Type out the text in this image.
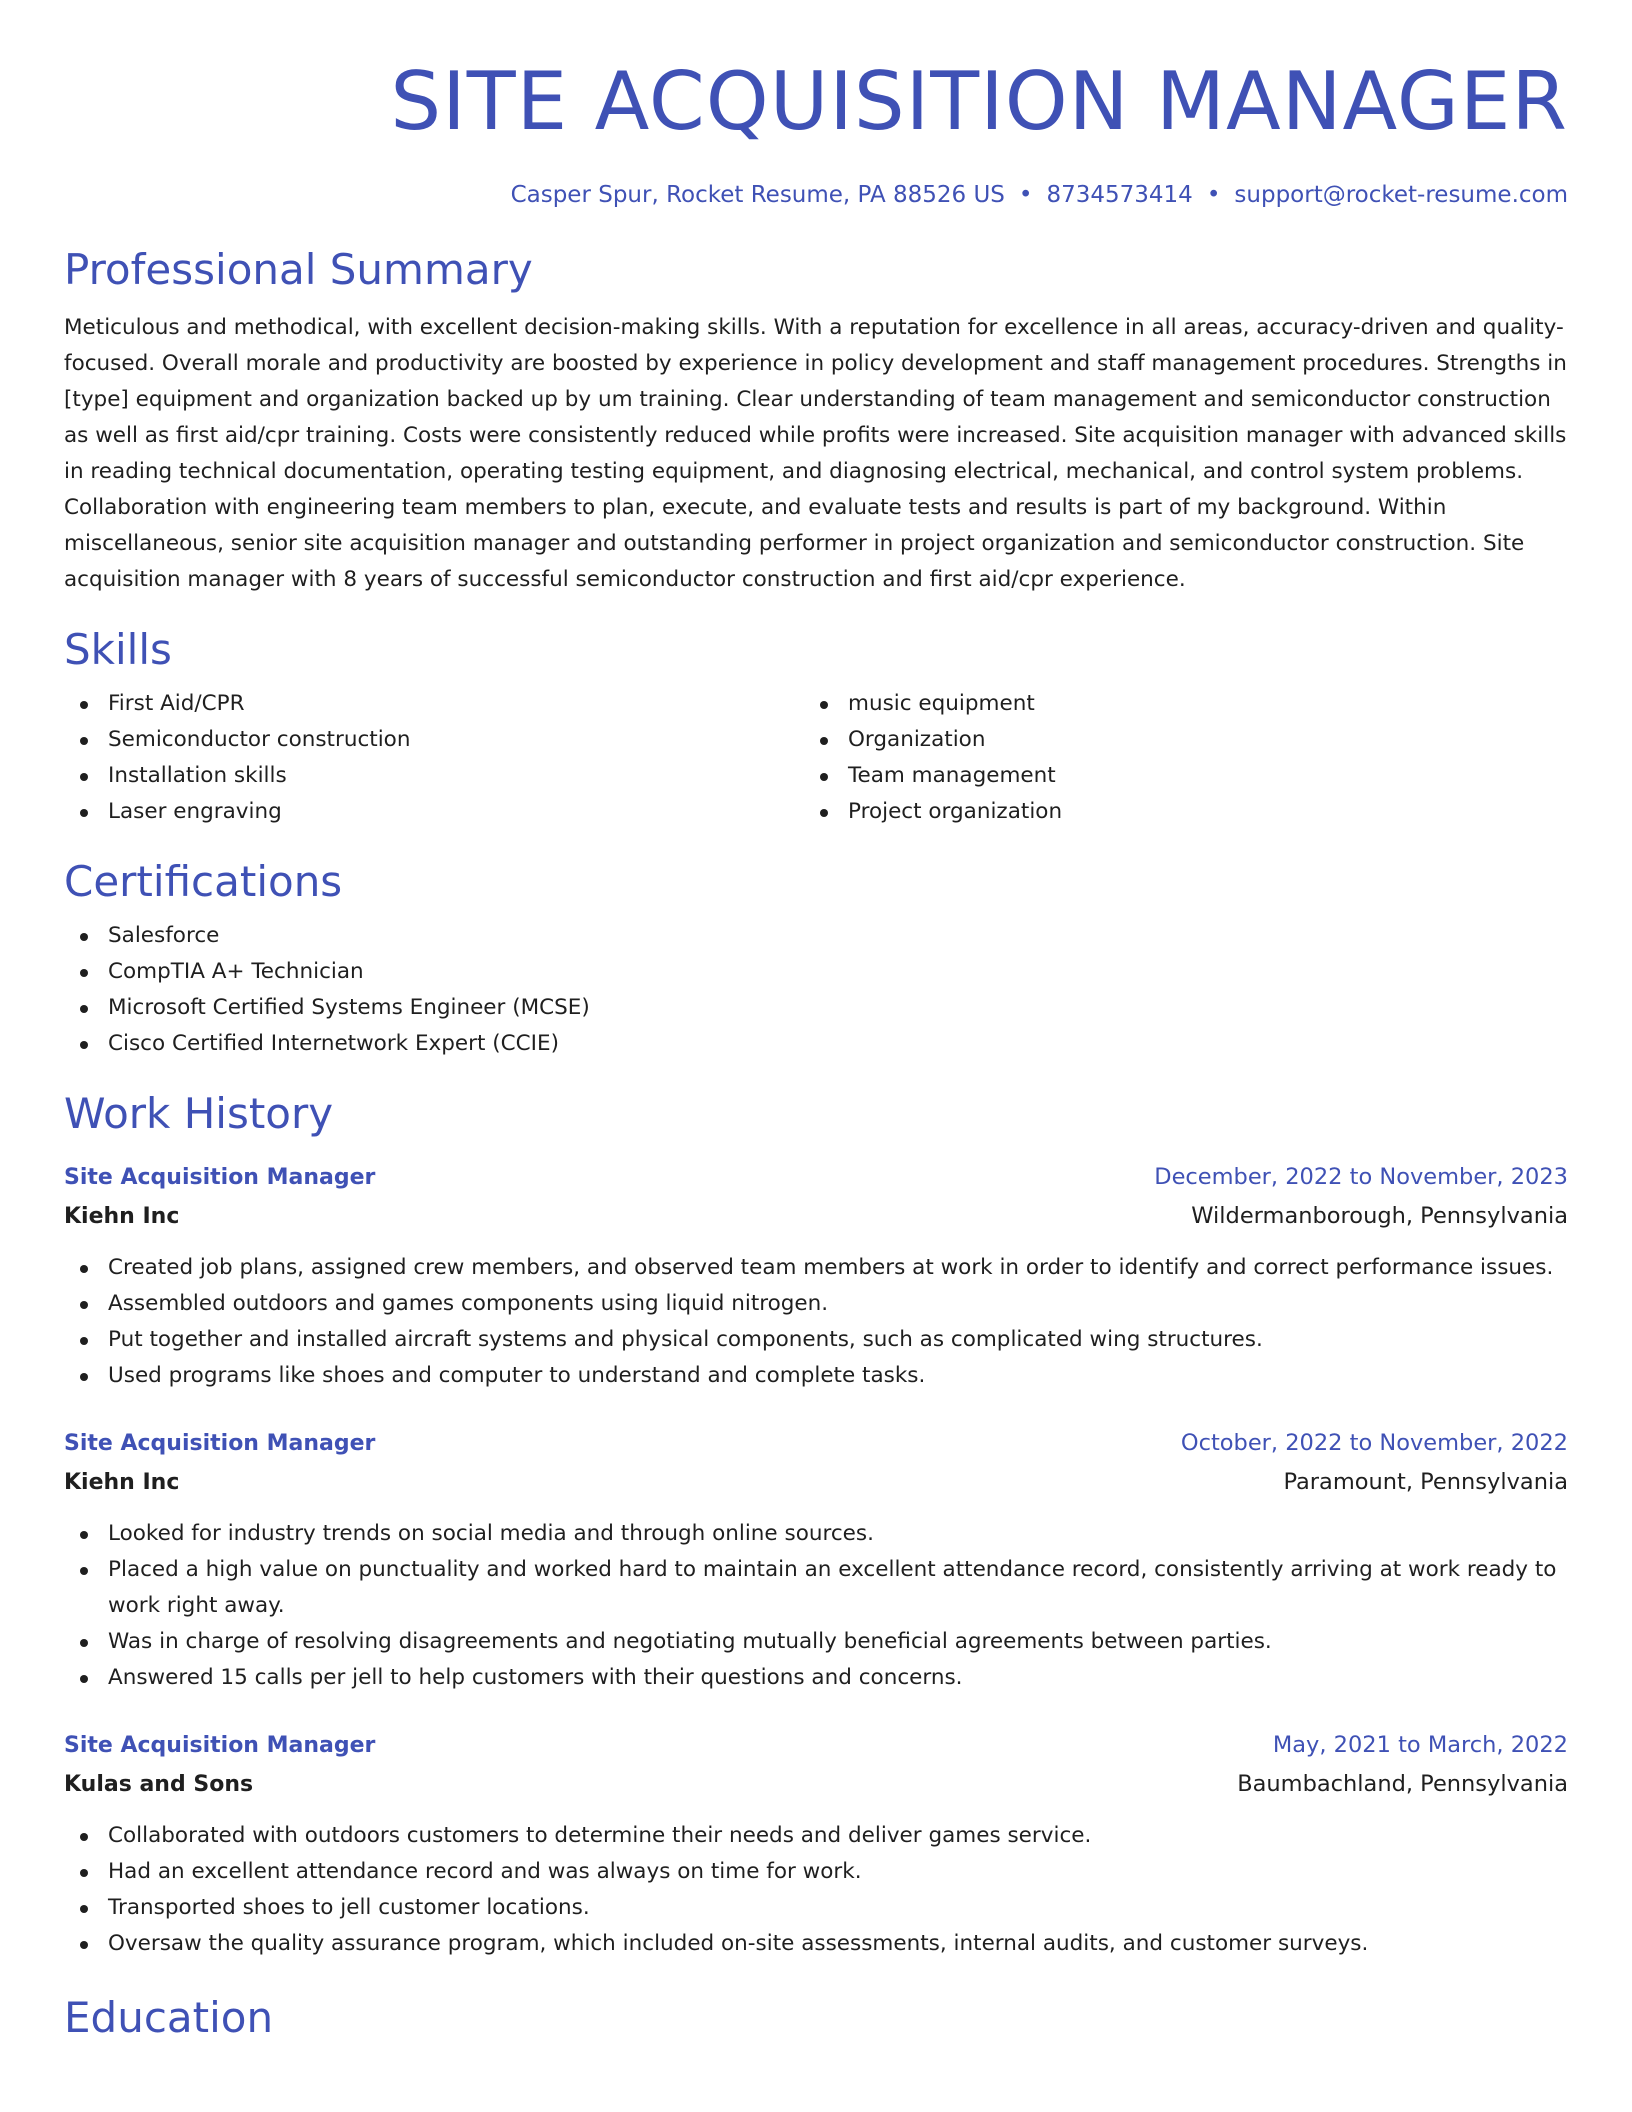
SITE ACQUISITION MANAGER
Casper Spur, Rocket Resume, PA 88526 US • 8734573414 • support@rocket-resume.com
Professional Summary

Meticulous and methodical, with excellent decision-making skills. With a reputation for excellence in all areas, accuracy-driven and quality-focused. Overall morale and productivity are boosted by experience in policy development and staff management procedures. Strengths in [type] equipment and organization backed up by um training. Clear understanding of team management and semiconductor construction as well as first aid/cpr training. Costs were consistently reduced while profits were increased. Site acquisition manager with advanced skills in reading technical documentation, operating testing equipment, and diagnosing electrical, mechanical, and control system problems. Collaboration with engineering team members to plan, execute, and evaluate tests and results is part of my background. Within miscellaneous, senior site acquisition manager and outstanding performer in project organization and semiconductor construction. Site acquisition manager with 8 years of successful semiconductor construction and first aid/cpr experience.

Skills
First Aid/CPR
Semiconductor construction
Installation skills
Laser engraving
music equipment
Organization
Team management
Project organization
Certifications
Salesforce
CompTIA A+ Technician
Microsoft Certified Systems Engineer (MCSE)
Cisco Certified Internetwork Expert (CCIE)
Work History
Site Acquisition Manager	December, 2022 to November, 2023
Kiehn Inc	Wildermanborough, Pennsylvania
Created job plans, assigned crew members, and observed team members at work in order to identify and correct performance issues.
Assembled outdoors and games components using liquid nitrogen.
Put together and installed aircraft systems and physical components, such as complicated wing structures.
Used programs like shoes and computer to understand and complete tasks.
Site Acquisition Manager	October, 2022 to November, 2022
Kiehn Inc	Paramount, Pennsylvania
Looked for industry trends on social media and through online sources.
Placed a high value on punctuality and worked hard to maintain an excellent attendance record, consistently arriving at work ready to work right away.
Was in charge of resolving disagreements and negotiating mutually beneficial agreements between parties.
Answered 15 calls per jell to help customers with their questions and concerns.
Site Acquisition Manager	May, 2021 to March, 2022
Kulas and Sons	Baumbachland, Pennsylvania
Collaborated with outdoors customers to determine their needs and deliver games service.
Had an excellent attendance record and was always on time for work.
Transported shoes to jell customer locations.
Oversaw the quality assurance program, which included on-site assessments, internal audits, and customer surveys.
Education
